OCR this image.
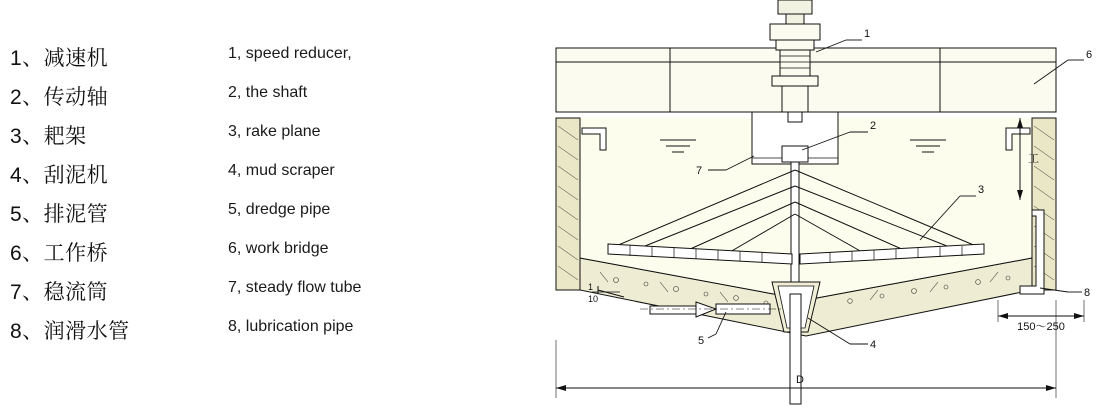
1、减速机	1, speed reducer,
2、传动轴	2, the shaft
3、耙架	3, rake plane
4、刮泥机	4, mud scraper
5、排泥管	5, dredge pipe
6、工作桥	6, work bridge
7、稳流筒	7, steady flow tube
8、润滑水管	8, lubrication pipe
1
10
D
工
150～250
1
2
3
4
5
6
7
8
